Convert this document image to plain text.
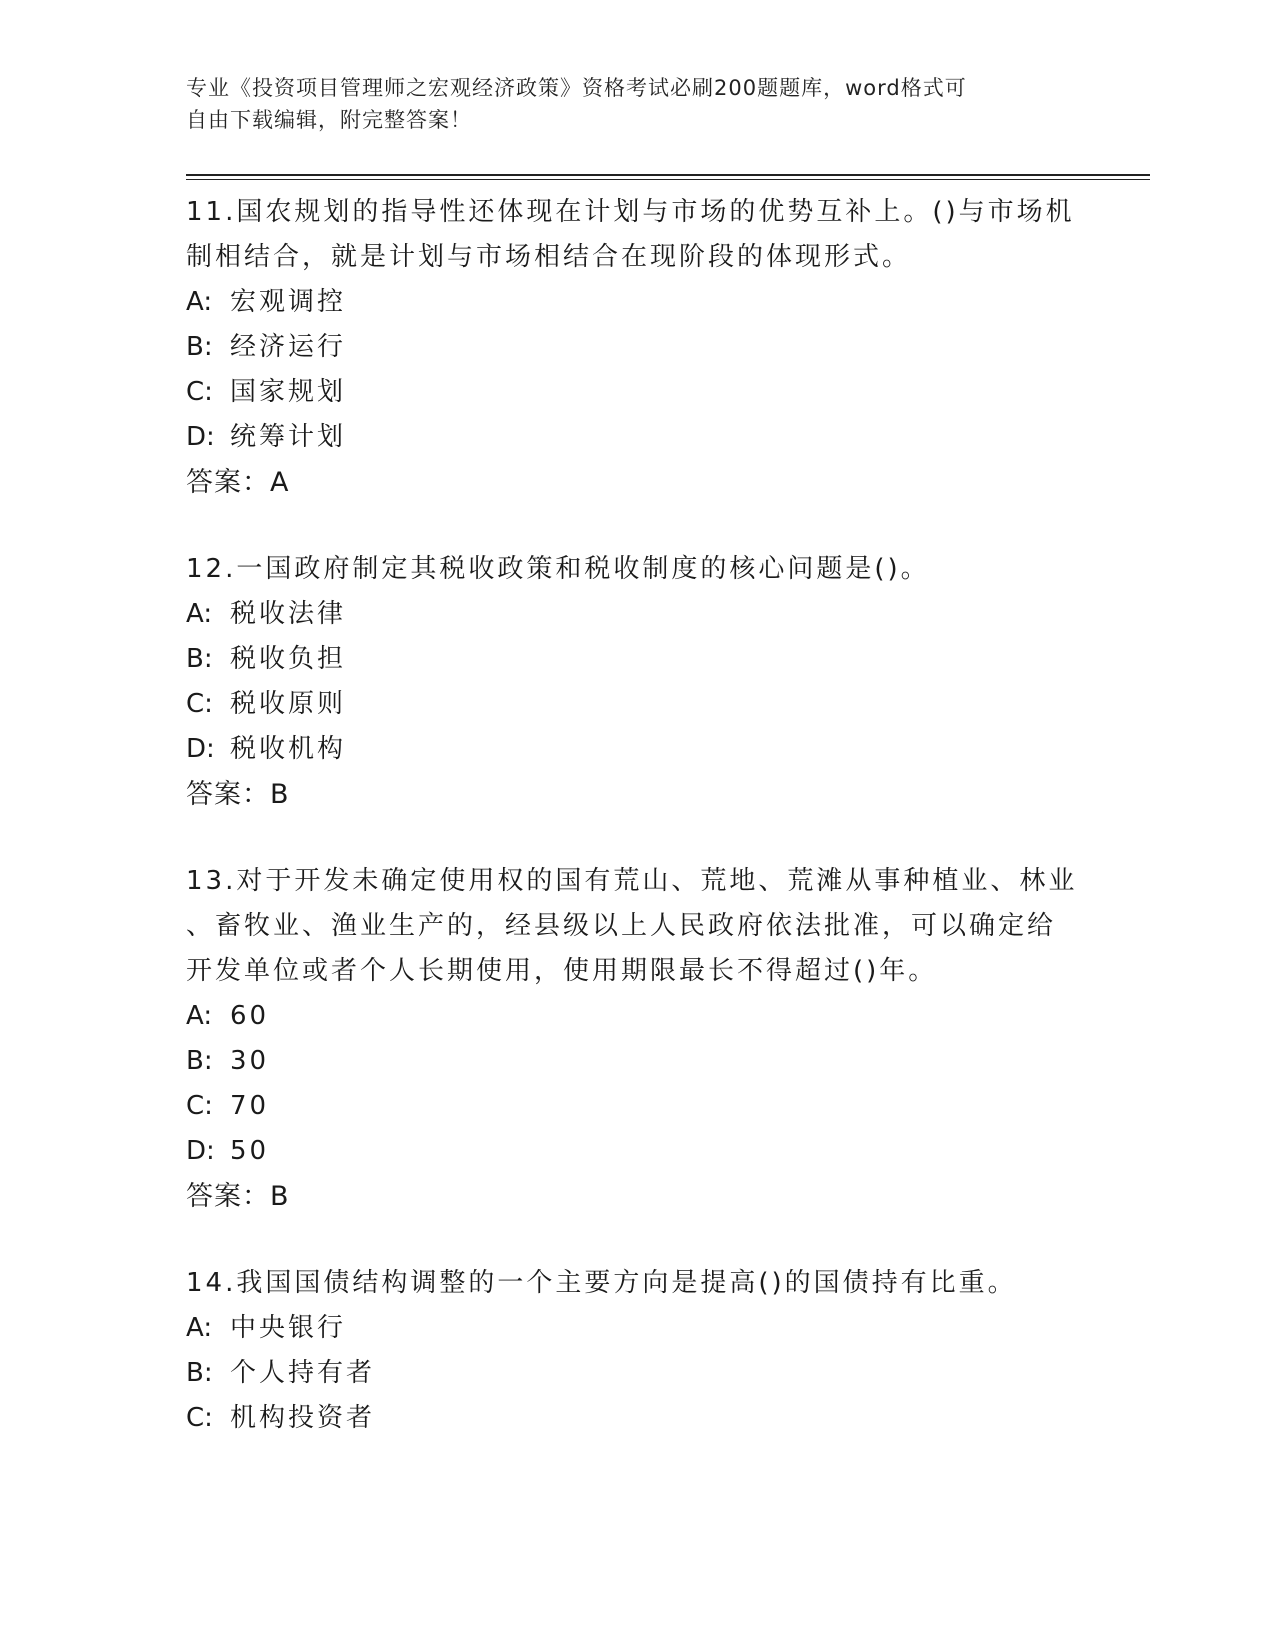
专业《投资项目管理师之宏观经济政策》资格考试必刷200题题库，word格式可
自由下载编辑，附完整答案！
11.国农规划的指导性还体现在计划与市场的优势互补上。()与市场机
制相结合，就是计划与市场相结合在现阶段的体现形式。
A: 宏观调控
B: 经济运行
C: 国家规划
D: 统筹计划
答案：A
12.一国政府制定其税收政策和税收制度的核心问题是()。
A: 税收法律
B: 税收负担
C: 税收原则
D: 税收机构
答案：B
13.对于开发未确定使用权的国有荒山、荒地、荒滩从事种植业、林业
、畜牧业、渔业生产的，经县级以上人民政府依法批准，可以确定给
开发单位或者个人长期使用，使用期限最长不得超过()年。
A: 60
B: 30
C: 70
D: 50
答案：B
14.我国国债结构调整的一个主要方向是提高()的国债持有比重。
A: 中央银行
B: 个人持有者
C: 机构投资者
